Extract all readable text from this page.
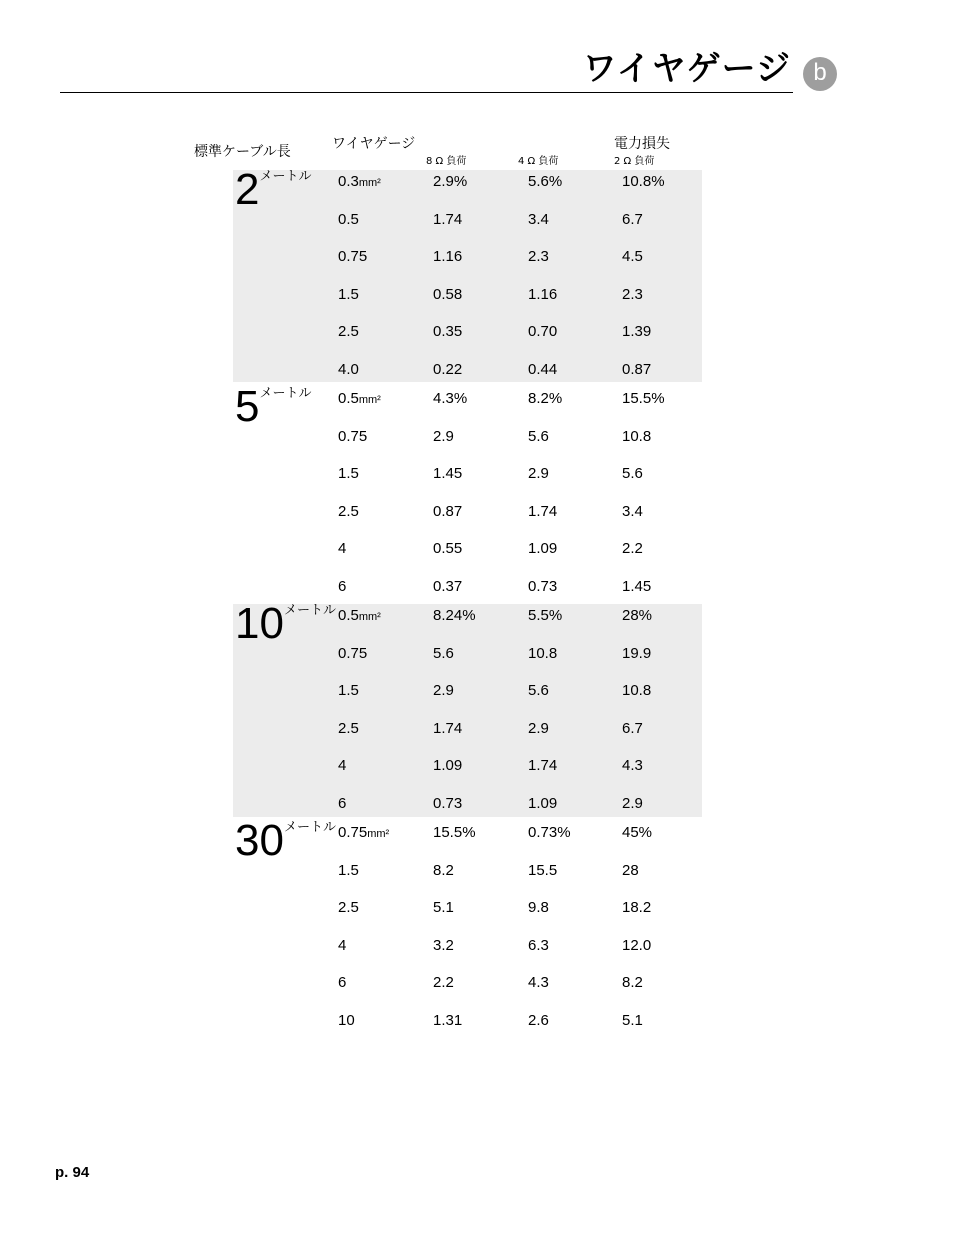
ワイヤゲージ b
標準ケーブル長	ワイヤゲージ	電力損失
8 Ω 負荷	4 Ω 負荷	2 Ω 負荷
$2^{メートル}$ 0.3mm²	2.9%	5.6%	10.8%
0.5	1.74	3.4	6.7
0.75	1.16	2.3	4.5
1.5	0.58	1.16	2.3
2.5	0.35	0.70	1.39
4.0	0.22	0.44	0.87
$5^{メートル}$ 0.5mm²	4.3%	8.2%	15.5%
0.75	2.9	5.6	10.8
1.5	1.45	2.9	5.6
2.5	0.87	1.74	3.4
4	0.55	1.09	2.2
6	0.37	0.73	1.45
$10^{メートル}$ 0.5mm²	8.24%	5.5%	28%
0.75	5.6	10.8	19.9
1.5	2.9	5.6	10.8
2.5	1.74	2.9	6.7
4	1.09	1.74	4.3
6	0.73	1.09	2.9
$30^{メートル}$ 0.75mm²	15.5%	0.73%	45%
1.5	8.2	15.5	28
2.5	5.1	9.8	18.2
4	3.2	6.3	12.0
6	2.2	4.3	8.2
10	1.31	2.6	5.1
p. 94
